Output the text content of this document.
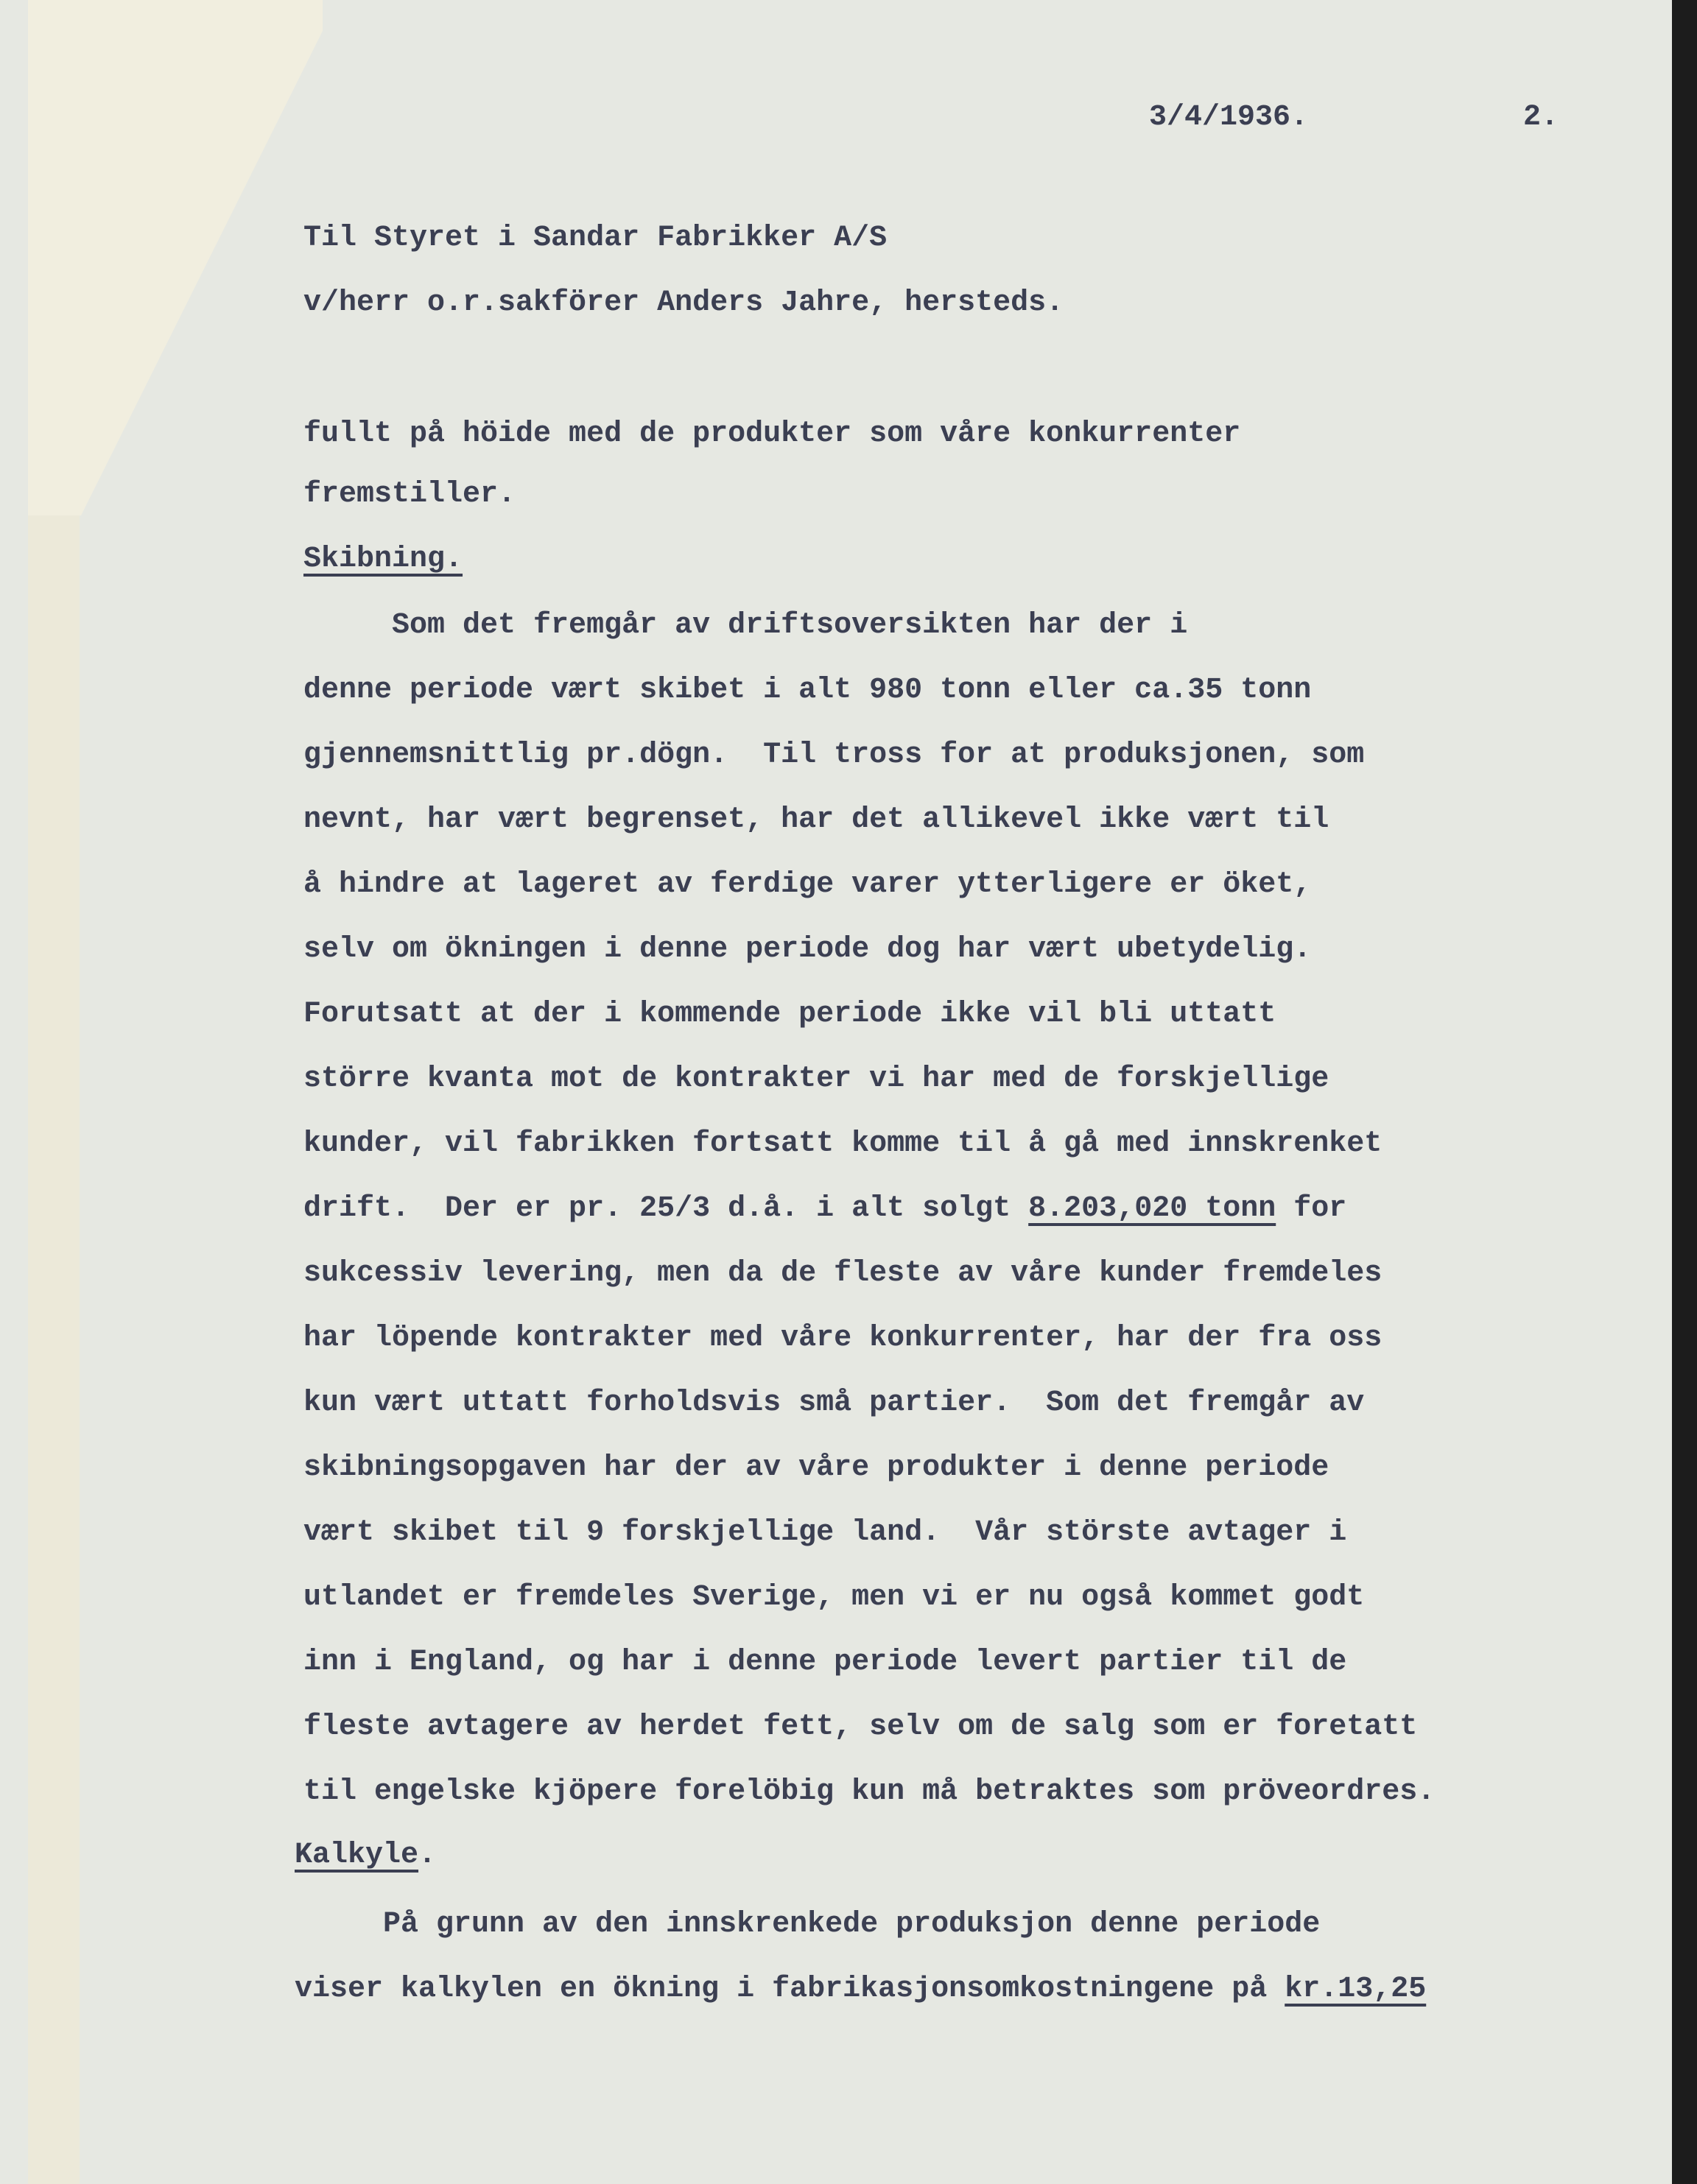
3/4/1936.	2.
Til Styret i Sandar Fabrikker A/S
v/herr o.r.sakförer Anders Jahre, hersteds.
fullt på höide med de produkter som våre konkurrenter
fremstiller.
Skibning.
Som det fremgår av driftsoversikten har der i
denne periode vært skibet i alt 980 tonn eller ca.35 tonn
gjennemsnittlig pr.dögn.  Til tross for at produksjonen, som
nevnt, har vært begrenset, har det allikevel ikke vært til
å hindre at lageret av ferdige varer ytterligere er öket,
selv om ökningen i denne periode dog har vært ubetydelig.
Forutsatt at der i kommende periode ikke vil bli uttatt
större kvanta mot de kontrakter vi har med de forskjellige
kunder, vil fabrikken fortsatt komme til å gå med innskrenket
drift.  Der er pr. 25/3 d.å. i alt solgt 8.203,020 tonn for
sukcessiv levering, men da de fleste av våre kunder fremdeles
har löpende kontrakter med våre konkurrenter, har der fra oss
kun vært uttatt forholdsvis små partier.  Som det fremgår av
skibningsopgaven har der av våre produkter i denne periode
vært skibet til 9 forskjellige land.  Vår störste avtager i
utlandet er fremdeles Sverige, men vi er nu også kommet godt
inn i England, og har i denne periode levert partier til de
fleste avtagere av herdet fett, selv om de salg som er foretatt
til engelske kjöpere forelöbig kun må betraktes som pröveordres.
Kalkyle.
På grunn av den innskrenkede produksjon denne periode
viser kalkylen en ökning i fabrikasjonsomkostningene på kr.13,25
